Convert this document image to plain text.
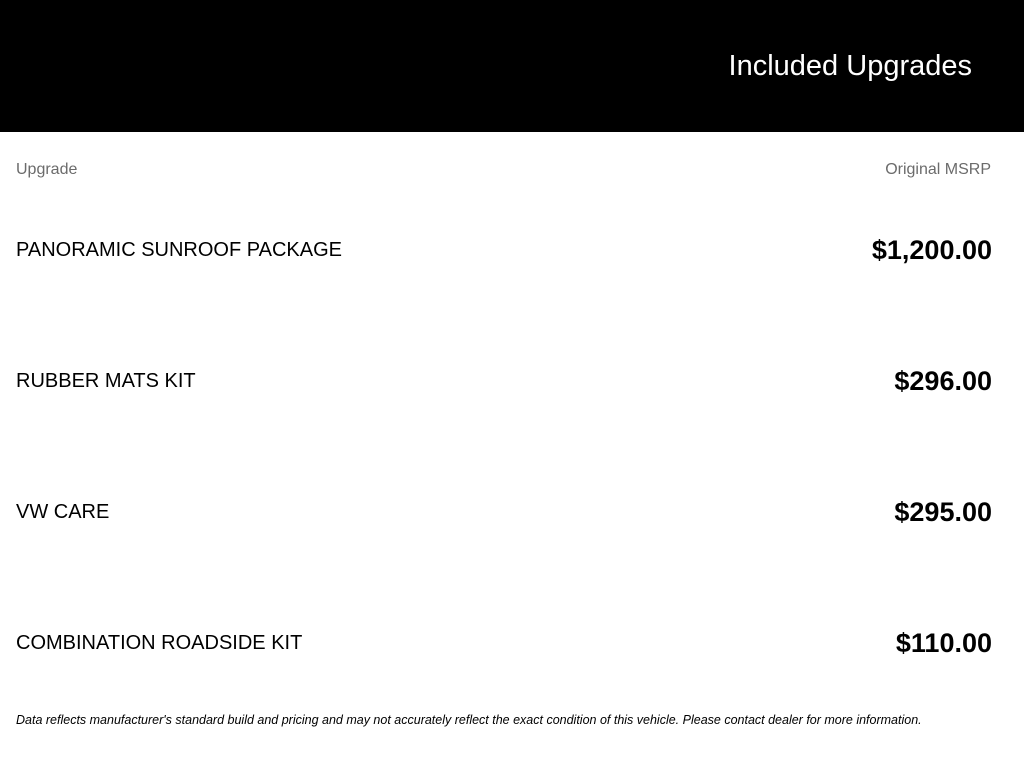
Included Upgrades
Upgrade	Original MSRP
PANORAMIC SUNROOF PACKAGE	$1,200.00
RUBBER MATS KIT	$296.00
VW CARE	$295.00
COMBINATION ROADSIDE KIT	$110.00
Data reflects manufacturer's standard build and pricing and may not accurately reflect the exact condition of this vehicle. Please contact dealer for more information.
